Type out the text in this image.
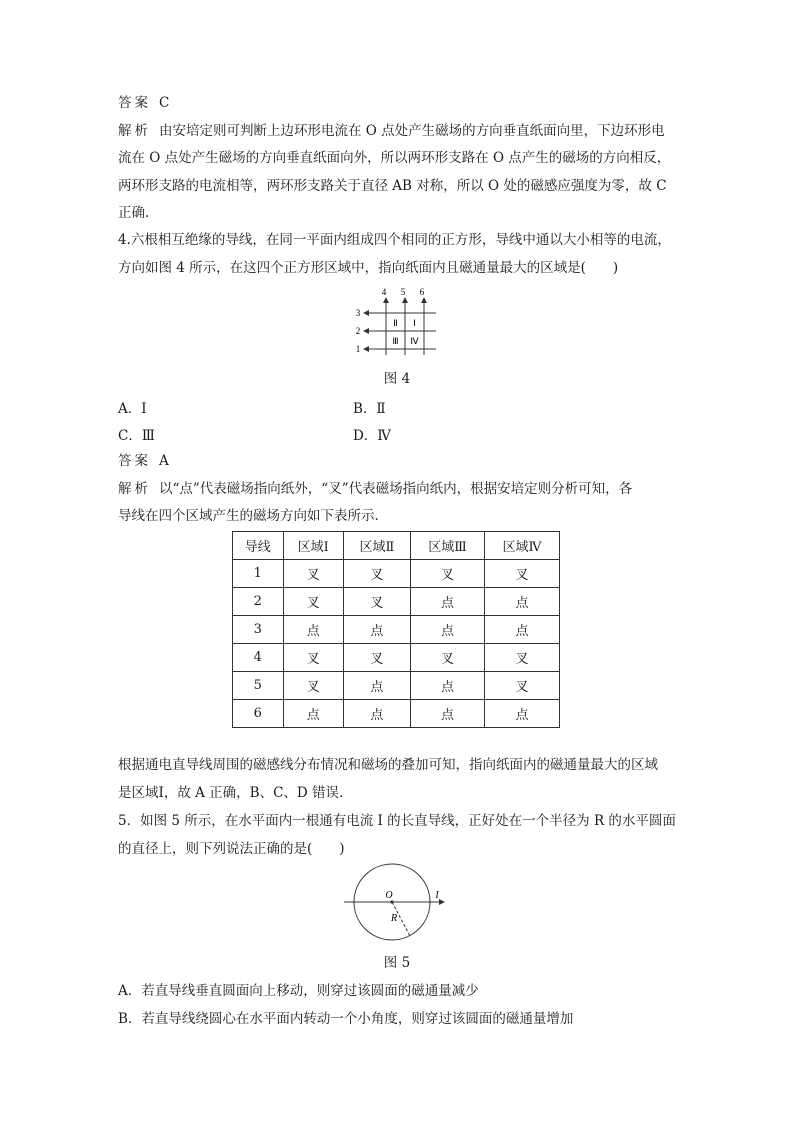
答案 C
解析 由安培定则可判断上边环形电流在 O 点处产生磁场的方向垂直纸面向里，下边环形电
流在 O 点处产生磁场的方向垂直纸面向外，所以两环形支路在 O 点产生的磁场的方向相反，
两环形支路的电流相等，两环形支路关于直径 AB 对称，所以 O 处的磁感应强度为零，故 C
正确.
4.六根相互绝缘的导线，在同一平面内组成四个相同的正方形，导线中通以大小相等的电流，
方向如图 4 所示，在这四个正方形区域中，指向纸面内且磁通量最大的区域是(　　)
4 5 6
3
2
1
Ⅱ Ⅰ
Ⅲ Ⅳ
图 4
A．Ⅰ	B．Ⅱ
C．Ⅲ	D．Ⅳ
答案 A
解析 以“点”代表磁场指向纸外，“叉”代表磁场指向纸内，根据安培定则分析可知，各
导线在四个区域产生的磁场方向如下表所示.
导线	区域Ⅰ	区域Ⅱ	区域Ⅲ	区域Ⅳ
1	叉	叉	叉	叉
2	叉	叉	点	点
3	点	点	点	点
4	叉	叉	叉	叉
5	叉	点	点	叉
6	点	点	点	点
根据通电直导线周围的磁感线分布情况和磁场的叠加可知，指向纸面内的磁通量最大的区域
是区域Ⅰ，故 A 正确，B、C、D 错误.
5．如图 5 所示，在水平面内一根通有电流 I 的长直导线，正好处在一个半径为 R 的水平圆面
的直径上，则下列说法正确的是(　　)
O	I
R
图 5
A．若直导线垂直圆面向上移动，则穿过该圆面的磁通量减少
B．若直导线绕圆心在水平面内转动一个小角度，则穿过该圆面的磁通量增加
